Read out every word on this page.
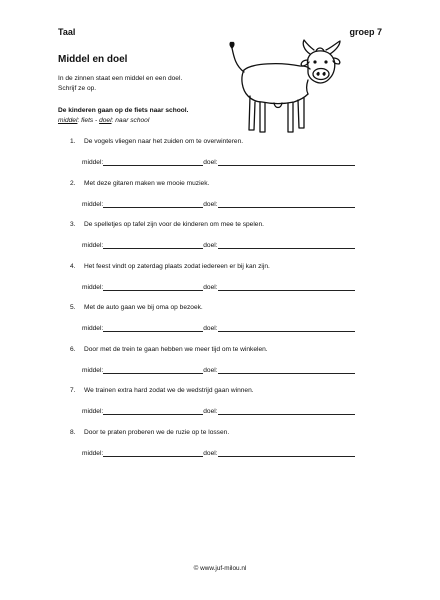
Taal	groep 7
Middel en doel
In de zinnen staat een middel en een doel.
Schrijf ze op.
De kinderen gaan op de fiets naar school.
middel: fiets - doel: naar school
1.	De vogels vliegen naar het zuiden om te overwinteren.
middel:	doel:
2.	Met deze gitaren maken we mooie muziek.
middel:	doel:
3.	De spelletjes op tafel zijn voor de kinderen om mee te spelen.
middel:	doel:
4.	Het feest vindt op zaterdag plaats zodat iedereen er bij kan zijn.
middel:	doel:
5.	Met de auto gaan we bij oma op bezoek.
middel:	doel:
6.	Door met de trein te gaan hebben we meer tijd om te winkelen.
middel:	doel:
7.	We trainen extra hard zodat we de wedstrijd gaan winnen.
middel:	doel:
8.	Door te praten proberen we de ruzie op te lossen.
middel:	doel:
© www.juf-milou.nl
